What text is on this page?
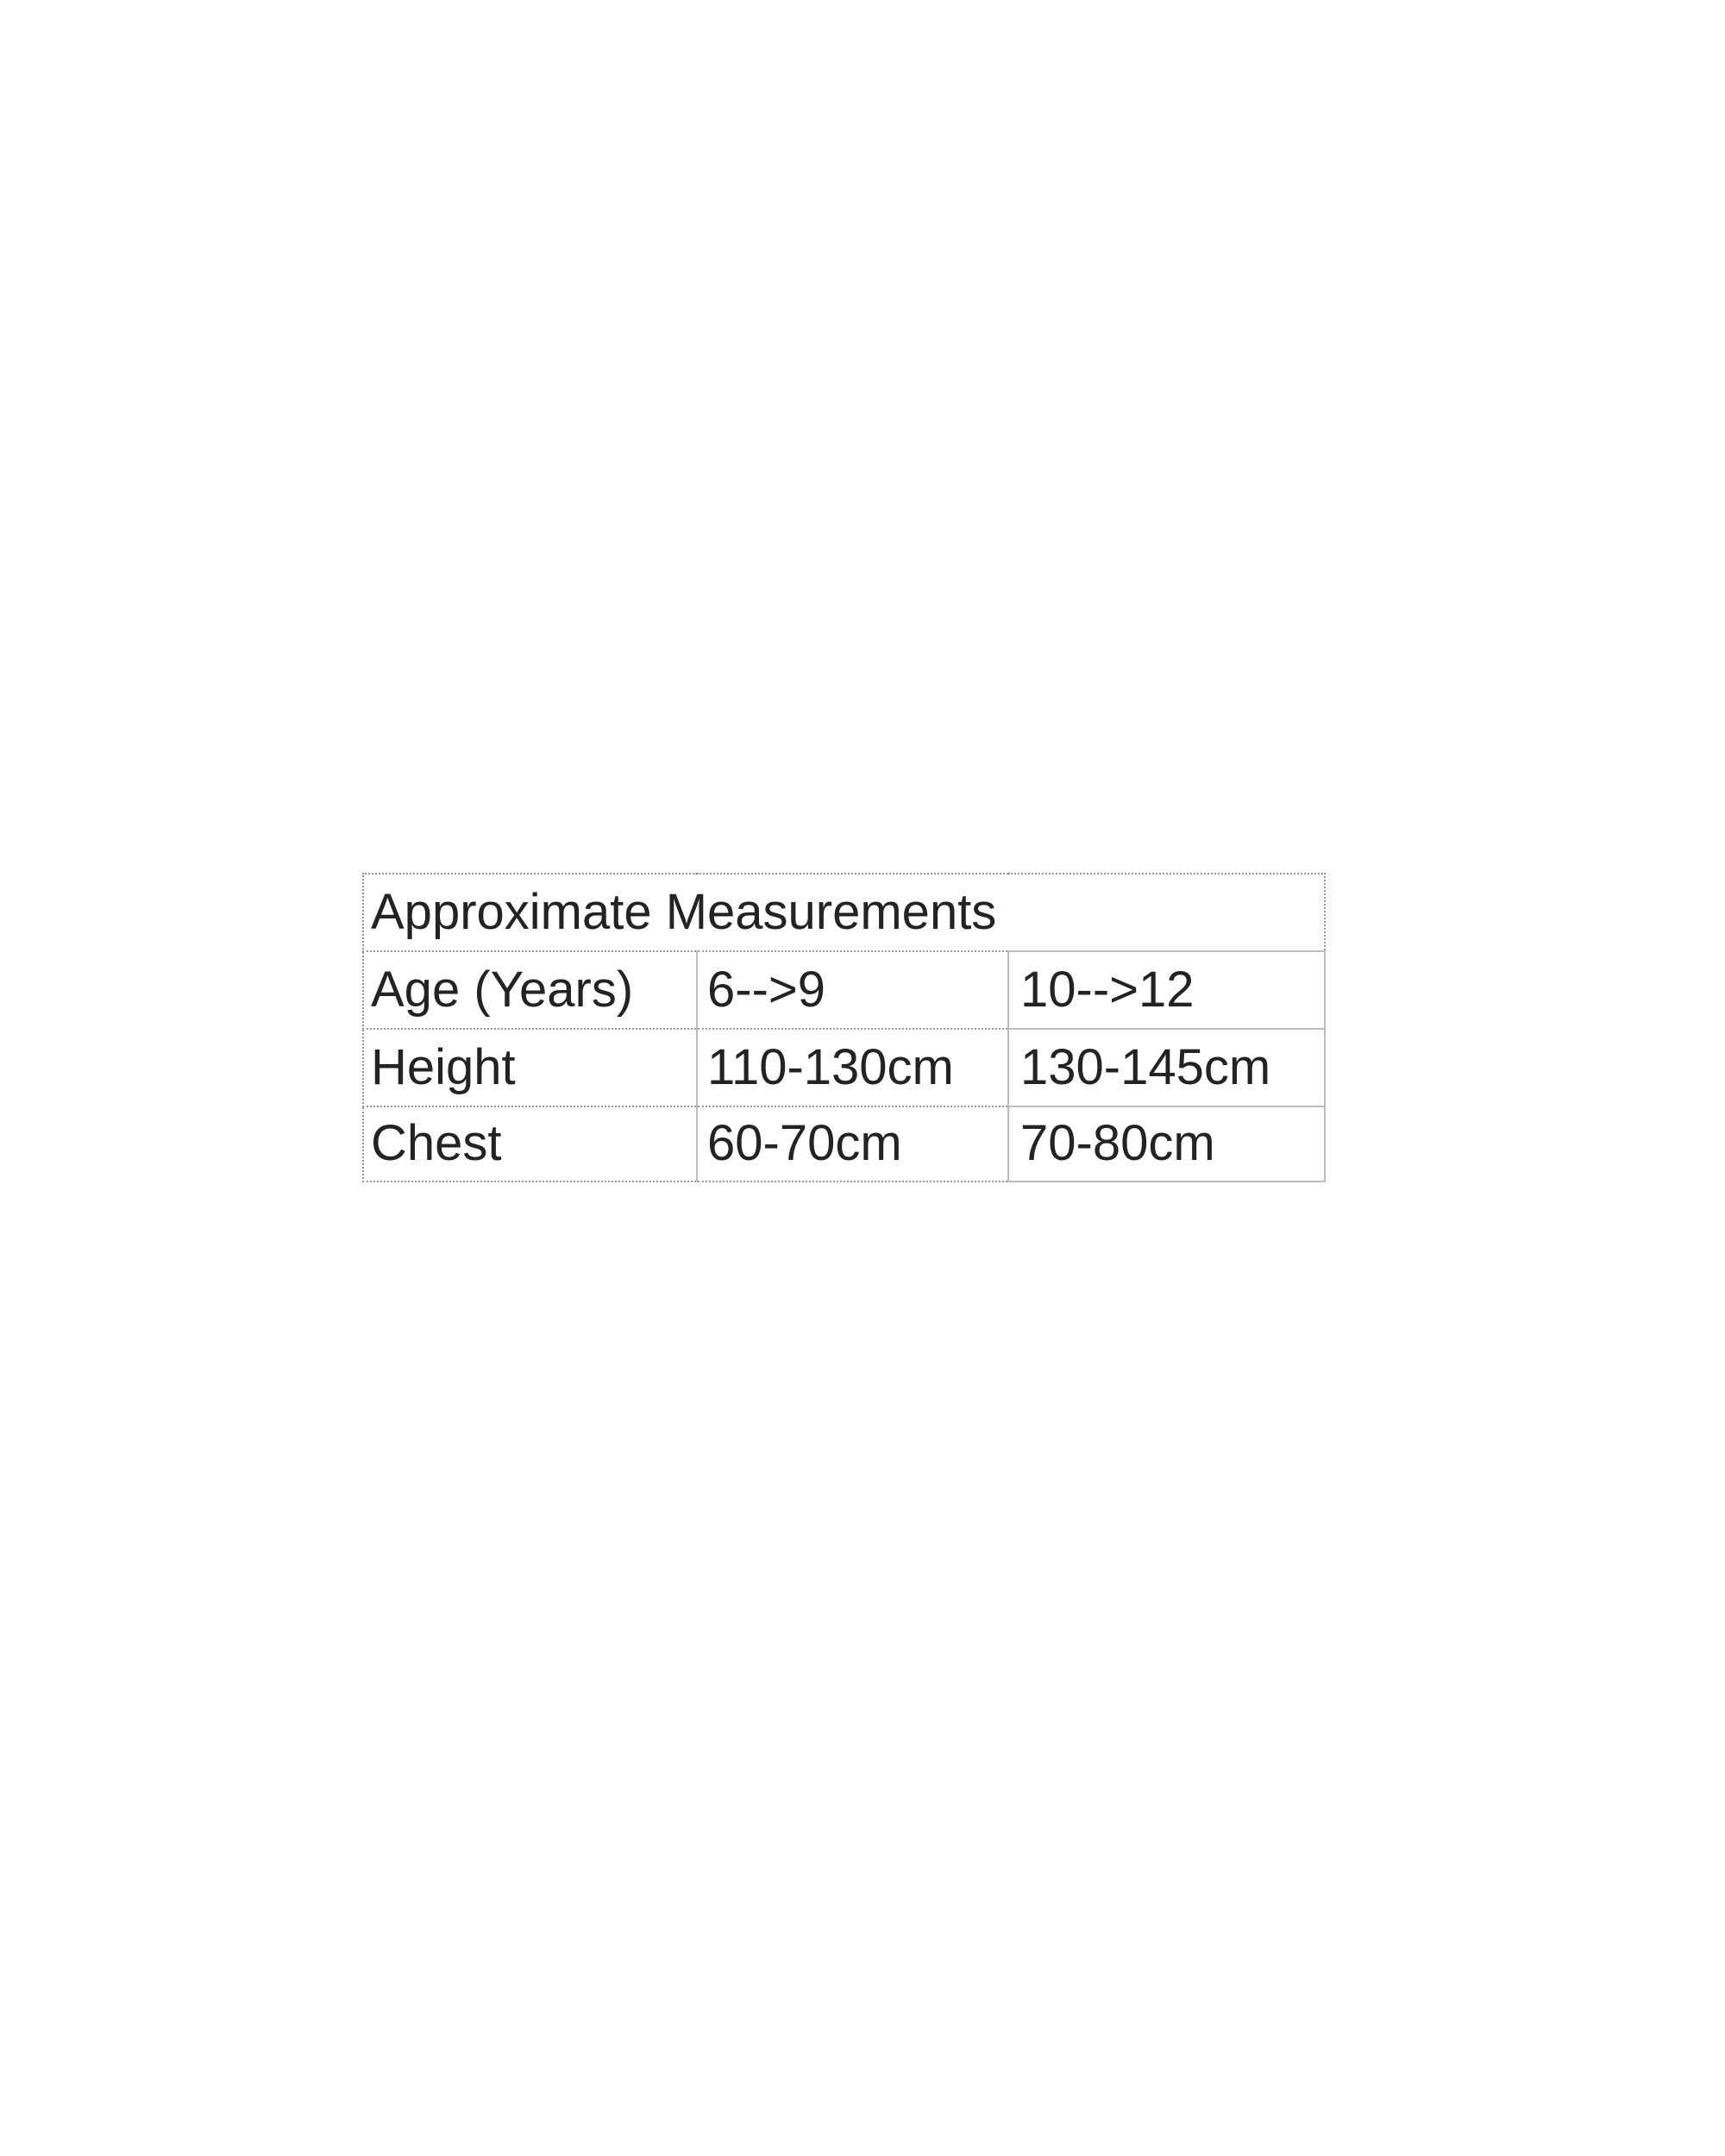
Approximate Measurements		
Age (Years)	6-->9	10-->12
Height	110-130cm	130-145cm
Chest	60-70cm	70-80cm
